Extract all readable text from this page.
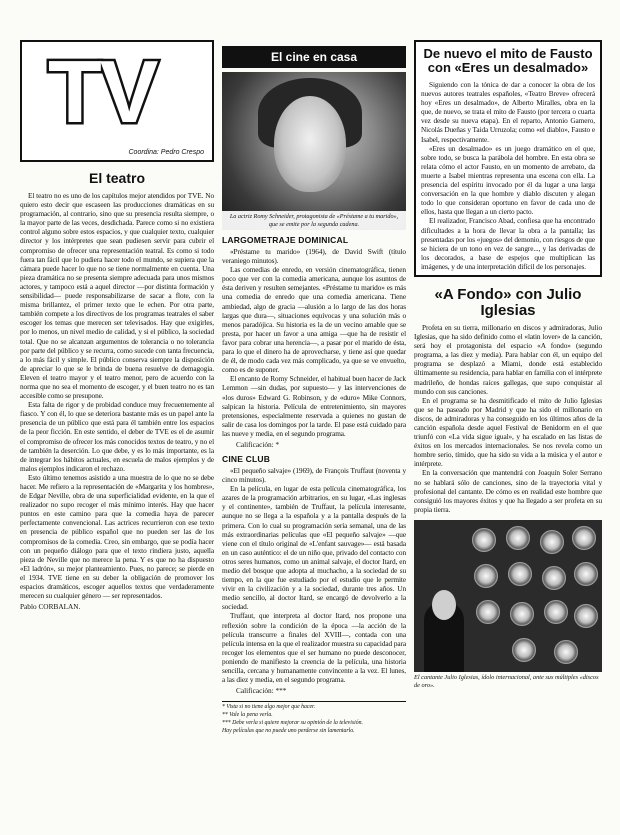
TV
Coordina: Pedro Crespo
El teatro

El teatro no es uno de los capítulos mejor atendidos por TVE. No quiero esto decir que escaseen las producciones dramáticas en su programación, al contrario, sino que su presencia resulta siempre, o la mayor parte de las veces, desdichada. Parece como si no existiera control alguno sobre estos espacios, y que cualquier texto, cualquier director y los intérpretes que sean pudiesen servir para cubrir el compromiso de ofrecer una representación teatral. Es como si todo fuera tan fácil que lo pudiera hacer todo el mundo, se supiera que la cámara puede hacer lo que no se tiene normalmente en cuenta. Una pieza dramática no se presenta siempre adecuada para unos mismos actores, y tampoco está a aquel director —por distinta formación y sensibilidad— puede responsabilizarse de sacar a flote, con la misma brillantez, el primer texto que le echen. Por otra parte, también compete a los directivos de los programas teatrales el saber escoger los temas que merecen ser televisados. Hay que exigirles, por lo menos, un nivel medio de calidad, y si el público, la sociedad total. Que no se alcanzan argumentos de tolerancia o no tolerancia por parte del público y se recurra, como sucede con tanta frecuencia, a lo más fácil y simple. El público conserva siempre la disposición de apreciar lo que se le brinda de buena resuelve de demagogia. Eleven el teatro mayor y el teatro menor, pero de acuerdo con la norma que no sea el momento de escoger, y el buen teatro no es tan accesible como se presupone.

Esta falta de rigor y de probidad conduce muy frecuentemente al fiasco. Y con él, lo que se deteriora bastante más es un papel ante la presencia de un público que está para él también entre los espacios de la peor ficción. En este sentido, el deber de TVE es el de asumir el compromiso de ofrecer los más conocidos textos de teatro, y no el de también la deserción. Lo que debe, y es lo más importante, es la de integrar los hábitos actuales, en escuela de malos ejemplos y de malos ejemplos indicaron el rechazo.

Esto último tenemos asistido a una muestra de lo que no se debe hacer. Me refiero a la representación de «Margarita y los hombres», de Edgar Neville, obra de una superficialidad evidente, en la que el realizador no supo recoger el más mínimo interés. Hay que hacer puntos en este camino para que la comedia haya de parecer perfectamente convencional. Las actrices recurrieron con ese texto en presencia de público español que no pueden ser las de los compromisos de la comedia. Creo, sin embargo, que se podía hacer con un pequeño diálogo para que el texto rindiera justo, aquella pieza de Neville que no merece la pena. Y es que no ha dispuesto «El ladrón», su mejor planteamiento. Pues, no parece; se pierde en el 1934. TVE tiene en su deber la obligación de promover los espacios dramáticos, escoger aquellos textos que verdaderamente merecen su cualquier género — ser representados.

Pablo CORBALAN.
El cine en casa
La actriz Romy Schneider, protagonista de «Préstame a tu marido», que se emite por la segunda cadena.
LARGOMETRAJE DOMINICAL

«Préstame tu marido» (1964), de David Swift (título veraniego minutos).

Las comedias de enredo, en versión cinematográfica, tienen poco que ver con la comedia americana, aunque los asuntos de ésta deriven y resulten semejantes. «Préstame tu marido» es más una comedia de enredo que una comedia americana. Tiene ambiedad, algo de gracia —alusión a lo largo de las dos horas largas que dura—, situaciones equívocas y una solución más o menos paradójica. Su historia es la de un vecino amable que se presta, por hacer un favor a una amiga —que ha de resistir el favor para cobrar una herencia—, a pasar por el marido de ésta, para lo que el dinero ha de aprovecharse, y tiene así que quedar de él, de modo cada vez más complicado, ya que se ve envuelto, como es de suponer.

El encanto de Romy Schneider, el habitual buen hacer de Jack Lemmon —sin dudas, por supuesto— y las intervenciones de «los duros» Edward G. Robinson, y de «duro» Mike Connors, salpican la historia. Película de entretenimiento, sin mayores pretensiones, especialmente reservada a quienes no gustan de salir de casa los domingos por la tarde. El pase está cuidado para las nueve y media, en el segundo programa.

Calificación: *
CINE CLUB

«El pequeño salvaje» (1969), de François Truffaut (noventa y cinco minutos).

En la película, en lugar de esta película cinematográfica, los azares de la programación arbitrarios, en su lugar, «Las inglesas y el continente», también de Truffaut, la película interesante, aunque no se llega a la española y a la pantalla después de la primera. Con lo cual su programación sería semanal, una de las más extraordinarias películas que «El pequeño salvaje» —que viene con el título original de «L'enfant sauvage»— está basada en un caso auténtico: el de un niño que, privado del contacto con otros seres humanos, como un animal salvaje, el doctor Itard, en medio del bosque que adopta al muchacho, a la sociedad de su tiempo, en la que fue estudiado por el estudio que le permite vivir en la civilización y a la sociedad, durante tres años. Un medio sencillo, al doctor Itard, se encargó de devolverlo a la sociedad.

Truffaut, que interpreta al doctor Itard, nos propone una reflexión sobre la condición de la época —la acción de la película transcurre a finales del XVIII—, contada con una película intensa en la que el realizador muestra su capacidad para recoger los elementos que el ser humano no puede desconocer, poniendo de manifiesto la creencia de la película, una historia sencilla, cercana y humanamente convincente a la vez. El lunes, a las diez y media, en el segundo programa.

Calificación: ***
* Vista si no tiene algo mejor que hacer.
** Vale la pena verla.
*** Debe verla si quiere mejorar su opinión de la televisión.
Hay películas que no puede uno perderse sin lamentarlo.
De nuevo el mito de Fausto con «Eres un desalmado»

Siguiendo con la tónica de dar a conocer la obra de los nuevos autores teatrales españoles, «Teatro Breve» ofrecerá hoy «Eres un desalmado», de Alberto Miralles, obra en la que, de nuevo, se trata el mito de Fausto (por tercera o cuarta vez desde su nueva etapa). En el reparto, Antonio Gamero, Nicolás Dueñas y Taida Urruzola; como «el diablo», Fausto e Isabel, respectivamente.

«Eres un desalmado» es un juego dramático en el que, sobre todo, se busca la parábola del hombre. En esta obra se relata cómo el actor Fausto, en un momento de arrebato, da muerte a Isabel mientras representa una escena con ella. La presencia del espíritu invocado por él da lugar a una larga conversación en la que hombre y diablo discuten y alegan todo lo que consideran oportuno en favor de cada uno de ellos, hasta que llegan a un cierto pacto.

El realizador, Francisco Abad, confiesa que ha encontrado dificultades a la hora de llevar la obra a la pantalla; las presentadas por los «juegos» del demonio, con riesgos de que se hiciera de un tono en vez de sangre..., y las derivadas de los decorados, a base de espejos que multiplican las imágenes, y de una interpretación difícil de los personajes.

«A Fondo» con Julio Iglesias

Profeta en su tierra, millonario en discos y admiradoras, Julio Iglesias, que ha sido definido como el «latin lover» de la canción, será hoy el protagonista del espacio «A fondo» (segundo programa, a las diez y media). Para hablar con él, un equipo del programa se desplazó a Miami, donde está establecido últimamente su residencia, para hablar en familia con el intérprete madrileño, de hondas raíces gallegas, que supo conquistar al mundo con sus canciones.

En el programa se ha desmitificado el mito de Julio Iglesias que se ha paseado por Madrid y que ha sido el millonario en discos, de admiradoras y ha conseguido en los últimos años de la canción española desde aquel Festival de Benidorm en el que triunfó con «La vida sigue igual», y ha escalado en las listas de éxitos en los mercados internacionales. Se nos revela como un hombre serio, tímido, que ha sido su vida a la música y el autor e intérprete.

En la conversación que mantendrá con Joaquín Soler Serrano no se hablará sólo de canciones, sino de la trayectoria vital y profesional del cantante. De cómo es en realidad este hombre que consiguió los mayores éxitos y que ha llegado a ser profeta en su propia tierra.

El cantante Julio Iglesias, ídolo internacional, ante sus múltiples «discos de oro».
